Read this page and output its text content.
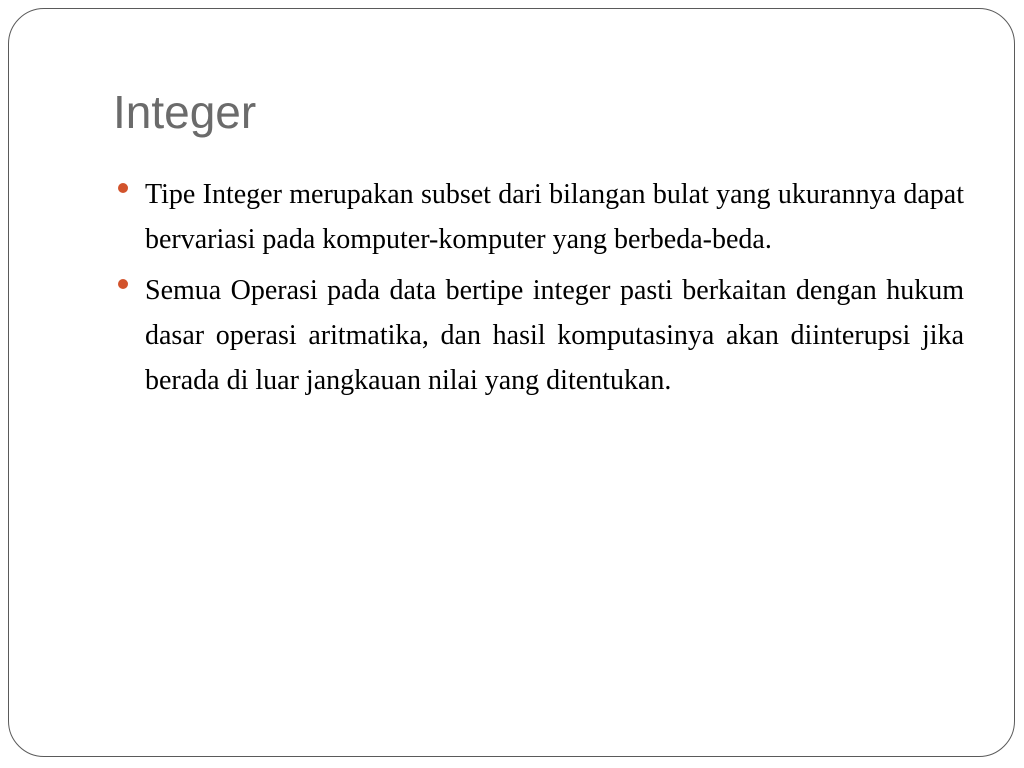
Integer
Tipe Integer merupakan subset dari bilangan bulat yang ukurannya dapat bervariasi pada komputer-komputer yang berbeda-beda.
Semua Operasi pada data bertipe integer pasti berkaitan dengan hukum dasar operasi aritmatika, dan hasil komputasinya akan diinterupsi jika berada di luar jangkauan nilai yang ditentukan.
